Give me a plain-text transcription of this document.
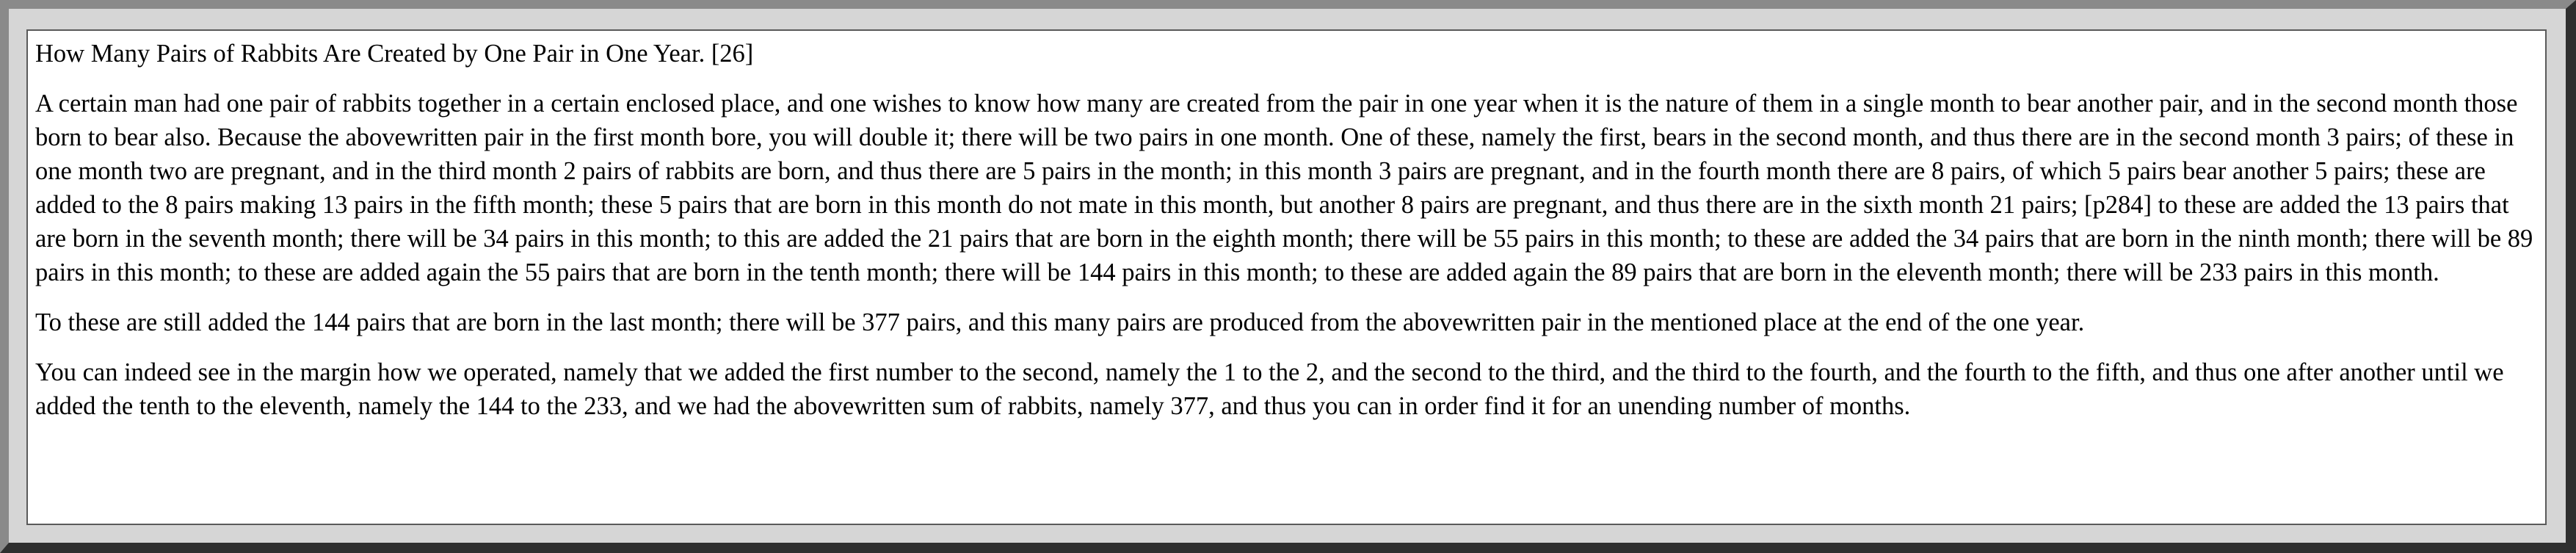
How Many Pairs of Rabbits Are Created by One Pair in One Year. [26]
A certain man had one pair of rabbits together in a certain enclosed place, and one wishes to know how many are created from the pair in one year when it is the nature of them in a single month to bear another pair, and in the second month those born to bear also. Because the abovewritten pair in the first month bore, you will double it; there will be two pairs in one month. One of these, namely the first, bears in the second month, and thus there are in the second month 3 pairs; of these in one month two are pregnant, and in the third month 2 pairs of rabbits are born, and thus there are 5 pairs in the month; in this month 3 pairs are pregnant, and in the fourth month there are 8 pairs, of which 5 pairs bear another 5 pairs; these are added to the 8 pairs making 13 pairs in the fifth month; these 5 pairs that are born in this month do not mate in this month, but another 8 pairs are pregnant, and thus there are in the sixth month 21 pairs; [p284] to these are added the 13 pairs that are born in the seventh month; there will be 34 pairs in this month; to this are added the 21 pairs that are born in the eighth month; there will be 55 pairs in this month; to these are added the 34 pairs that are born in the ninth month; there will be 89 pairs in this month; to these are added again the 55 pairs that are born in the tenth month; there will be 144 pairs in this month; to these are added again the 89 pairs that are born in the eleventh month; there will be 233 pairs in this month.
To these are still added the 144 pairs that are born in the last month; there will be 377 pairs, and this many pairs are produced from the abovewritten pair in the mentioned place at the end of the one year.
You can indeed see in the margin how we operated, namely that we added the first number to the second, namely the 1 to the 2, and the second to the third, and the third to the fourth, and the fourth to the fifth, and thus one after another until we added the tenth to the eleventh, namely the 144 to the 233, and we had the abovewritten sum of rabbits, namely 377, and thus you can in order find it for an unending number of months.
